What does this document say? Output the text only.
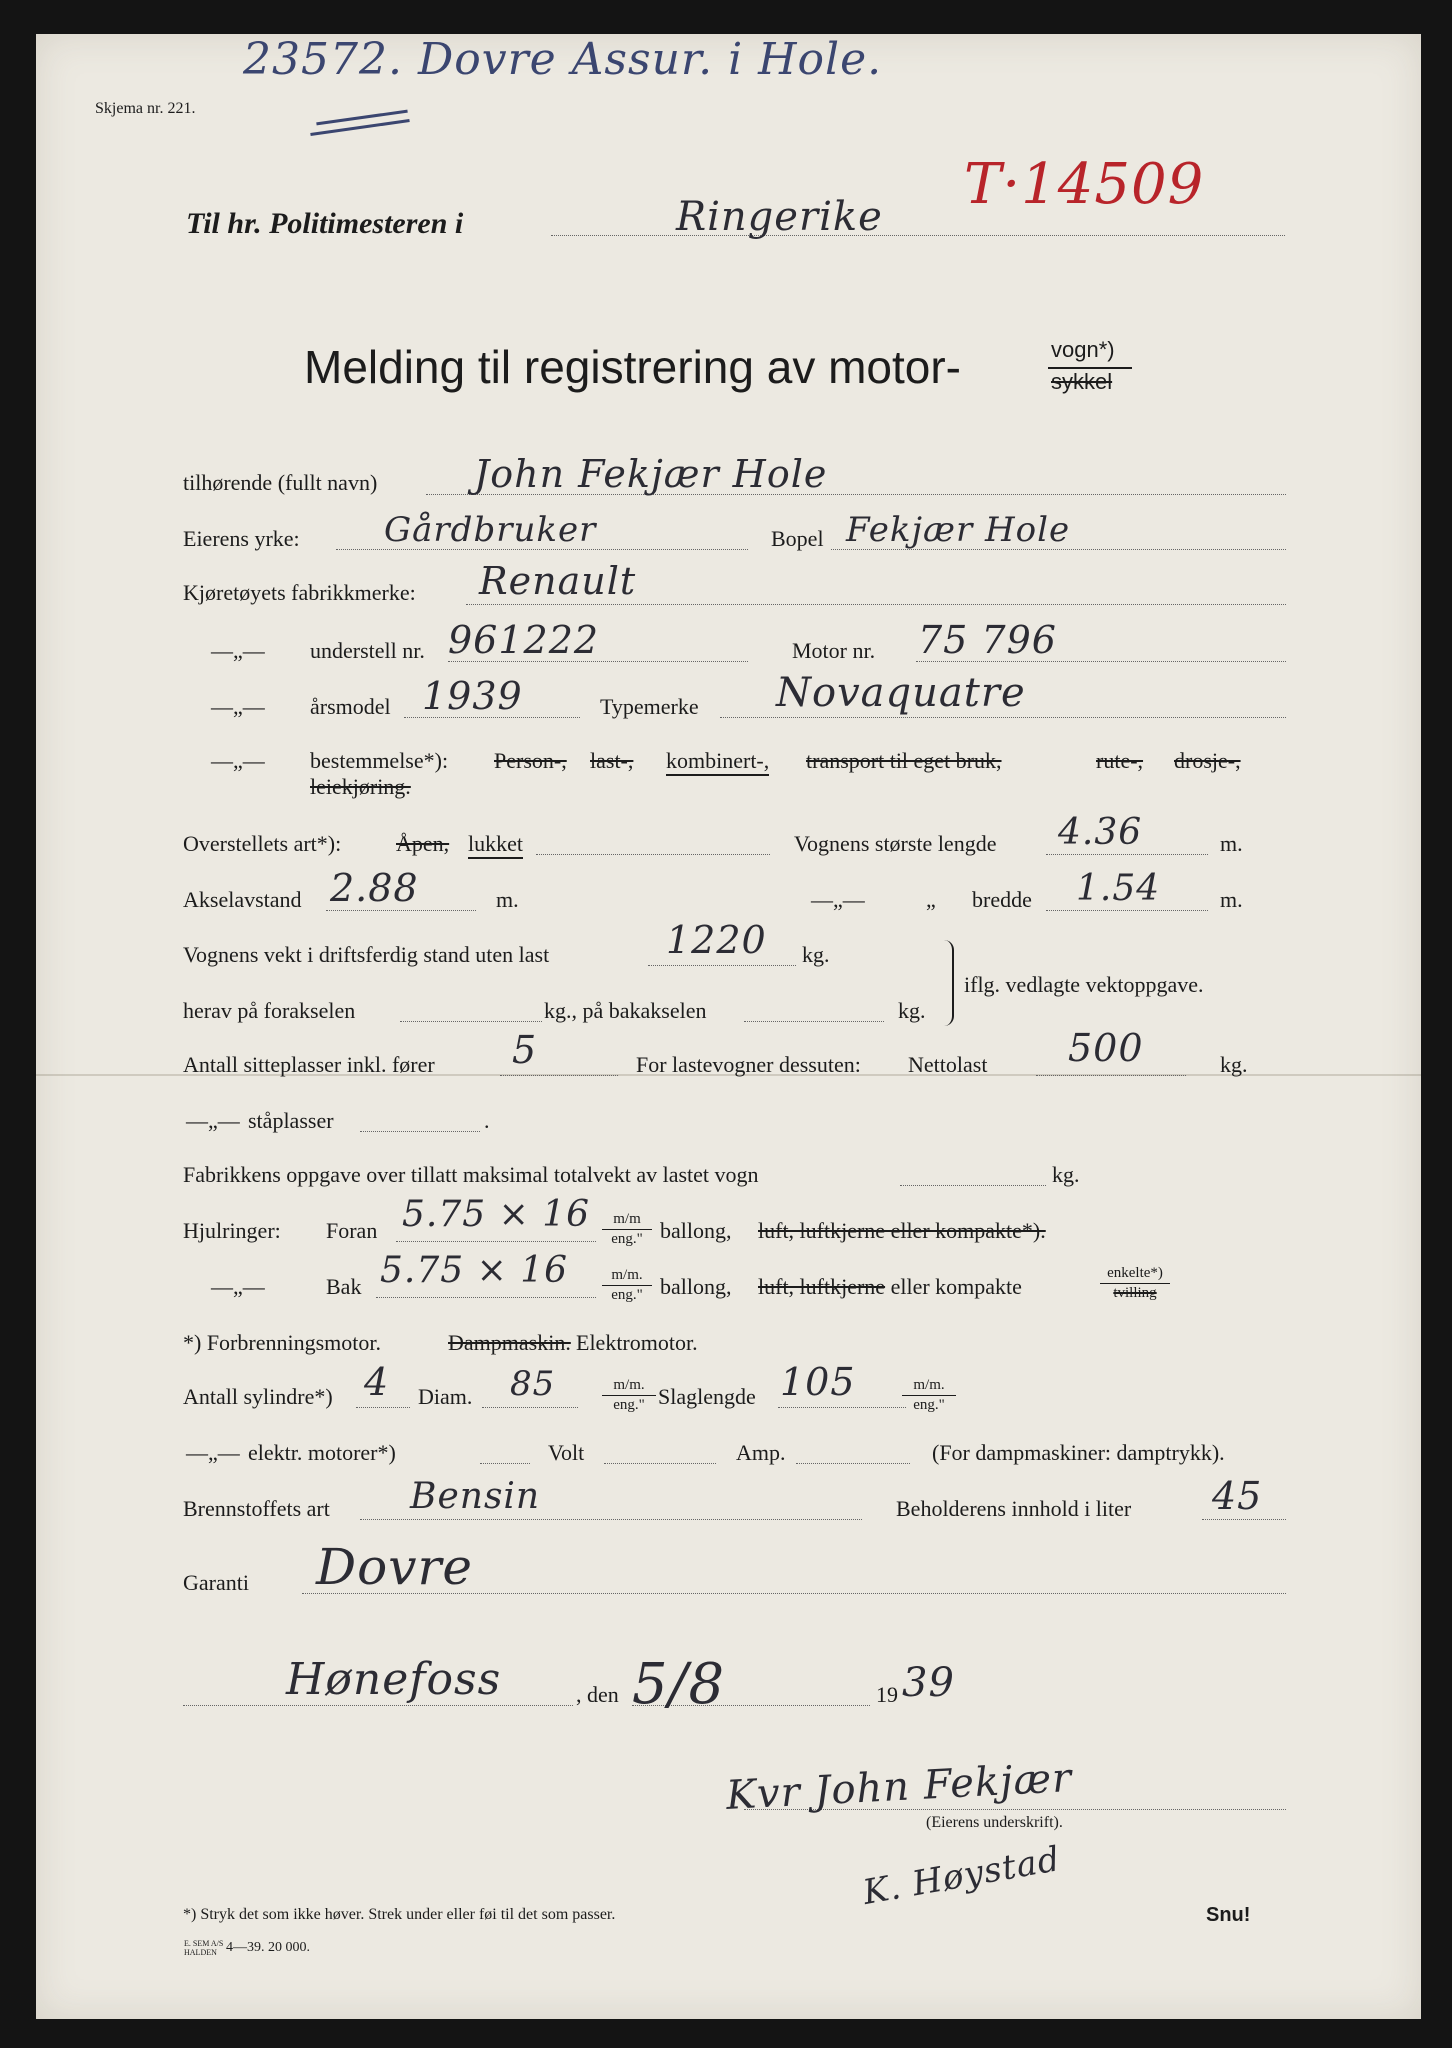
23572. Dovre Assur. i Hole.
Skjema nr. 221.
Til hr. Politimesteren i	Ringerike T·14509
Melding til registrering av motor-	vogn*)
sykkel
tilhørende (fullt navn)	John Fekjær Hole
Eierens yrke: Gårdbruker	Bopel Fekjær Hole
Kjøretøyets fabrikkmerke: Renault
—„— understell nr. 961222	Motor nr. 75 796
—„— årsmodel 1939	Typemerke Novaquatre
—„— bestemmelse*): Person-, last-, kombinert-, transport til eget bruk,	rute-, drosje-,
leiekjøring.
Overstellets art*): Åpen, lukket	Vognens største lengde 4.36	m.
Akselavstand 2.88	m.	—„—	„ bredde 1.54	m.
Vognens vekt i driftsferdig stand uten last	1220 kg.
herav på forakselen	kg., på bakakselen	kg.
iflg. vedlagte vektoppgave.
Antall sitteplasser inkl. fører 5	For lastevogner dessuten: Nettolast 500	kg.
—„— ståplasser	.
Fabrikkens oppgave over tillatt maksimal totalvekt av lastet vogn	kg.
Hjulringer: Foran 5.75 × 16	m/m
eng." ballong, luft, luftkjerne eller kompakte*).
—„—	Bak 5.75 × 16	m/m.
eng." ballong, luft, luftkjerne eller kompakte
enkelte*)
tvilling
*) Forbrenningsmotor.	Dampmaskin. Elektromotor.
Antall sylindre*) 4 Diam. 85	m/m.
eng." Slaglengde 105	m/m.
eng."
—„— elektr. motorer*)	Volt	Amp.	(For dampmaskiner: damptrykk).
Brennstoffets art Bensin	Beholderens innhold i liter 45
Garanti Dovre
Hønefoss	, den 5/8	19 39
Kvr John Fekjær
(Eierens underskrift).
K. Høystad
*) Stryk det som ikke høver. Strek under eller føi til det som passer.	Snu!
E. SEM A/S HALDEN 4—39. 20 000.
